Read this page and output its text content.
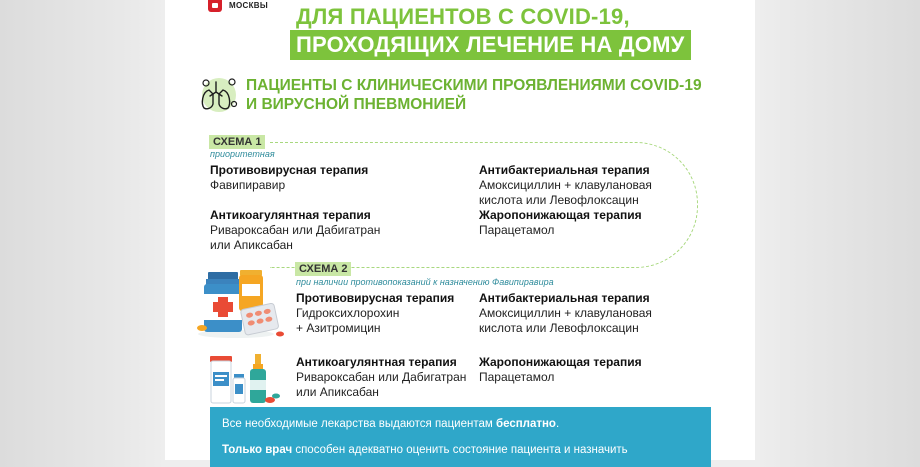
МОСКВЫ ДЛЯ ПАЦИЕНТОВ С COVID-19,
ПРОХОДЯЩИХ ЛЕЧЕНИЕ НА ДОМУ
ПАЦИЕНТЫ С КЛИНИЧЕСКИМИ ПРОЯВЛЕНИЯМИ COVID-19
И ВИРУСНОЙ ПНЕВМОНИЕЙ
СХЕМА 1
приоритетная
Противовирусная терапия
Фавипиравир
Антибактериальная терапия
Амоксициллин + клавулановая
кислота или Левофлоксацин
Антикоагулянтная терапия
Ривароксабан или Дабигатран
или Апиксабан
Жаропонижающая терапия
Парацетамол
СХЕМА 2
при наличии противопоказаний к назначению Фавипиравира
Противовирусная терапия
Гидроксихлорохин
+ Азитромицин
Антибактериальная терапия
Амоксициллин + клавулановая
кислота или Левофлоксацин
Антикоагулянтная терапия
Ривароксабан или Дабигатран
или Апиксабан
Жаропонижающая терапия
Парацетамол

Все необходимые лекарства выдаются пациентам бесплатно.

Только врач способен адекватно оценить состояние пациента и назначить
